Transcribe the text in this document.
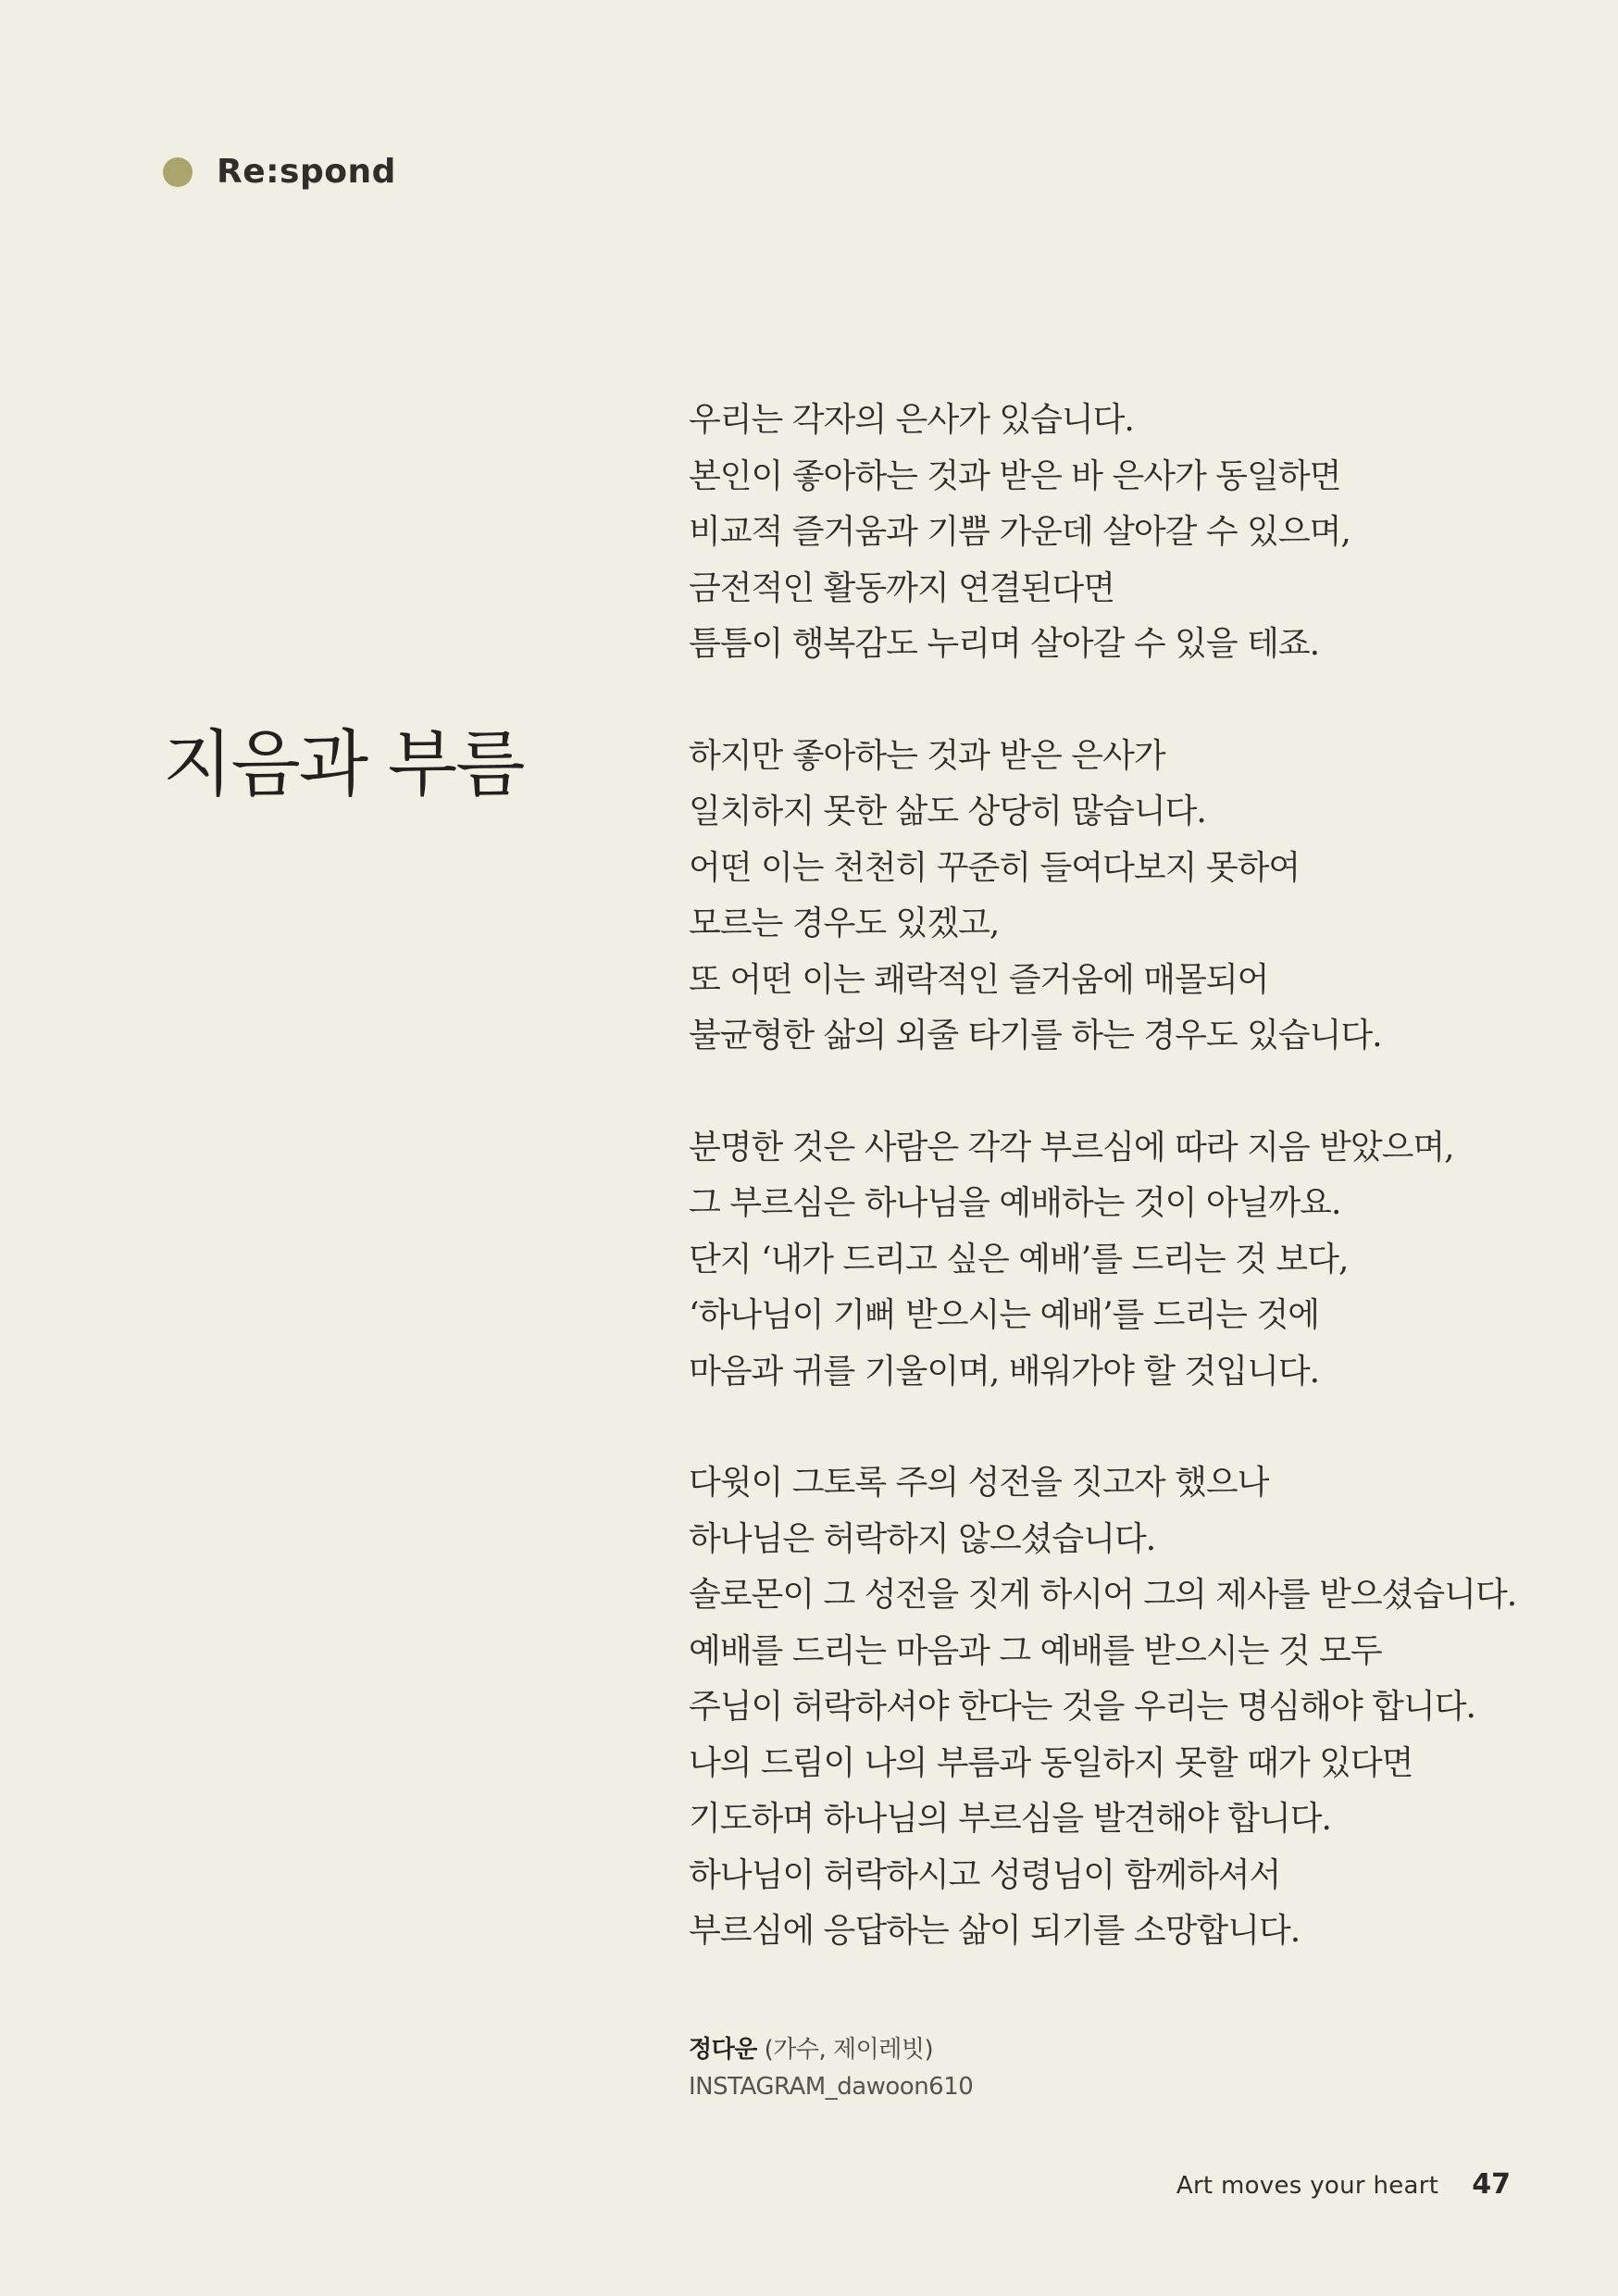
Re:spond
지음과 부름
우리는 각자의 은사가 있습니다.
본인이 좋아하는 것과 받은 바 은사가 동일하면
비교적 즐거움과 기쁨 가운데 살아갈 수 있으며,
금전적인 활동까지 연결된다면
틈틈이 행복감도 누리며 살아갈 수 있을 테죠.
하지만 좋아하는 것과 받은 은사가
일치하지 못한 삶도 상당히 많습니다.
어떤 이는 천천히 꾸준히 들여다보지 못하여
모르는 경우도 있겠고,
또 어떤 이는 쾌락적인 즐거움에 매몰되어
불균형한 삶의 외줄 타기를 하는 경우도 있습니다.
분명한 것은 사람은 각각 부르심에 따라 지음 받았으며,
그 부르심은 하나님을 예배하는 것이 아닐까요.
단지 ‘내가 드리고 싶은 예배’를 드리는 것 보다,
‘하나님이 기뻐 받으시는 예배’를 드리는 것에
마음과 귀를 기울이며, 배워가야 할 것입니다.
다윗이 그토록 주의 성전을 짓고자 했으나
하나님은 허락하지 않으셨습니다.
솔로몬이 그 성전을 짓게 하시어 그의 제사를 받으셨습니다.
예배를 드리는 마음과 그 예배를 받으시는 것 모두
주님이 허락하셔야 한다는 것을 우리는 명심해야 합니다.
나의 드림이 나의 부름과 동일하지 못할 때가 있다면
기도하며 하나님의 부르심을 발견해야 합니다.
하나님이 허락하시고 성령님이 함께하셔서
부르심에 응답하는 삶이 되기를 소망합니다.
정다운 (가수, 제이레빗)
INSTAGRAM_dawoon610
Art moves your heart 47
